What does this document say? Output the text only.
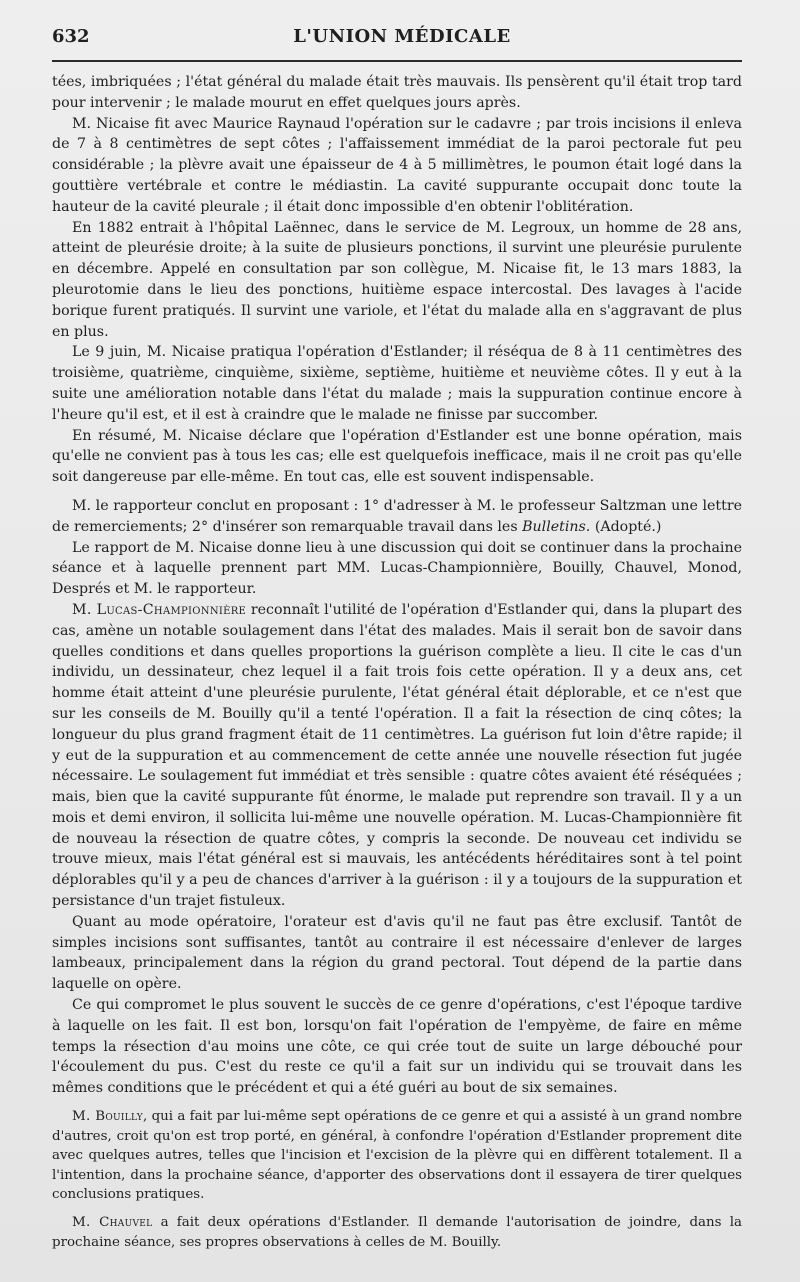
632	L'UNION MÉDICALE

tées, imbriquées ; l'état général du malade était très mauvais. Ils pensèrent qu'il était trop tard pour intervenir ; le malade mourut en effet quelques jours après.

M. Nicaise fit avec Maurice Raynaud l'opération sur le cadavre ; par trois incisions il enleva de 7 à 8 centimètres de sept côtes ; l'affaissement immédiat de la paroi pectorale fut peu considérable ; la plèvre avait une épaisseur de 4 à 5 millimètres, le poumon était logé dans la gouttière vertébrale et contre le médiastin. La cavité suppurante occupait donc toute la hauteur de la cavité pleurale ; il était donc impossible d'en obtenir l'oblitération.

En 1882 entrait à l'hôpital Laënnec, dans le service de M. Legroux, un homme de 28 ans, atteint de pleurésie droite; à la suite de plusieurs ponctions, il survint une pleurésie purulente en décembre. Appelé en consultation par son collègue, M. Nicaise fit, le 13 mars 1883, la pleurotomie dans le lieu des ponctions, huitième espace intercostal. Des lavages à l'acide borique furent pratiqués. Il survint une variole, et l'état du malade alla en s'aggravant de plus en plus.

Le 9 juin, M. Nicaise pratiqua l'opération d'Estlander; il réséqua de 8 à 11 centimètres des troisième, quatrième, cinquième, sixième, septième, huitième et neuvième côtes. Il y eut à la suite une amélioration notable dans l'état du malade ; mais la suppuration continue encore à l'heure qu'il est, et il est à craindre que le malade ne finisse par succomber.

En résumé, M. Nicaise déclare que l'opération d'Estlander est une bonne opération, mais qu'elle ne convient pas à tous les cas; elle est quelquefois inefficace, mais il ne croit pas qu'elle soit dangereuse par elle-même. En tout cas, elle est souvent indispensable.

M. le rapporteur conclut en proposant : 1° d'adresser à M. le professeur Saltzman une lettre de remerciements; 2° d'insérer son remarquable travail dans les Bulletins. (Adopté.)

Le rapport de M. Nicaise donne lieu à une discussion qui doit se continuer dans la prochaine séance et à laquelle prennent part MM. Lucas-Championnière, Bouilly, Chauvel, Monod, Després et M. le rapporteur.

M. Lucas-Championnière reconnaît l'utilité de l'opération d'Estlander qui, dans la plupart des cas, amène un notable soulagement dans l'état des malades. Mais il serait bon de savoir dans quelles conditions et dans quelles proportions la guérison complète a lieu. Il cite le cas d'un individu, un dessinateur, chez lequel il a fait trois fois cette opération. Il y a deux ans, cet homme était atteint d'une pleurésie purulente, l'état général était déplorable, et ce n'est que sur les conseils de M. Bouilly qu'il a tenté l'opération. Il a fait la résection de cinq côtes; la longueur du plus grand fragment était de 11 centimètres. La guérison fut loin d'être rapide; il y eut de la suppuration et au commencement de cette année une nouvelle résection fut jugée nécessaire. Le soulagement fut immédiat et très sensible : quatre côtes avaient été réséquées ; mais, bien que la cavité suppurante fût énorme, le malade put reprendre son travail. Il y a un mois et demi environ, il sollicita lui-même une nouvelle opération. M. Lucas-Championnière fit de nouveau la résection de quatre côtes, y compris la seconde. De nouveau cet individu se trouve mieux, mais l'état général est si mauvais, les antécédents héréditaires sont à tel point déplorables qu'il y a peu de chances d'arriver à la guérison : il y a toujours de la suppuration et persistance d'un trajet fistuleux.

Quant au mode opératoire, l'orateur est d'avis qu'il ne faut pas être exclusif. Tantôt de simples incisions sont suffisantes, tantôt au contraire il est nécessaire d'enlever de larges lambeaux, principalement dans la région du grand pectoral. Tout dépend de la partie dans laquelle on opère.

Ce qui compromet le plus souvent le succès de ce genre d'opérations, c'est l'époque tardive à laquelle on les fait. Il est bon, lorsqu'on fait l'opération de l'empyème, de faire en même temps la résection d'au moins une côte, ce qui crée tout de suite un large débouché pour l'écoulement du pus. C'est du reste ce qu'il a fait sur un individu qui se trouvait dans les mêmes conditions que le précédent et qui a été guéri au bout de six semaines.

M. Bouilly, qui a fait par lui-même sept opérations de ce genre et qui a assisté à un grand nombre d'autres, croit qu'on est trop porté, en général, à confondre l'opération d'Estlander proprement dite avec quelques autres, telles que l'incision et l'excision de la plèvre qui en diffèrent totalement. Il a l'intention, dans la prochaine séance, d'apporter des observations dont il essayera de tirer quelques conclusions pratiques.

M. Chauvel a fait deux opérations d'Estlander. Il demande l'autorisation de joindre, dans la prochaine séance, ses propres observations à celles de M. Bouilly.
